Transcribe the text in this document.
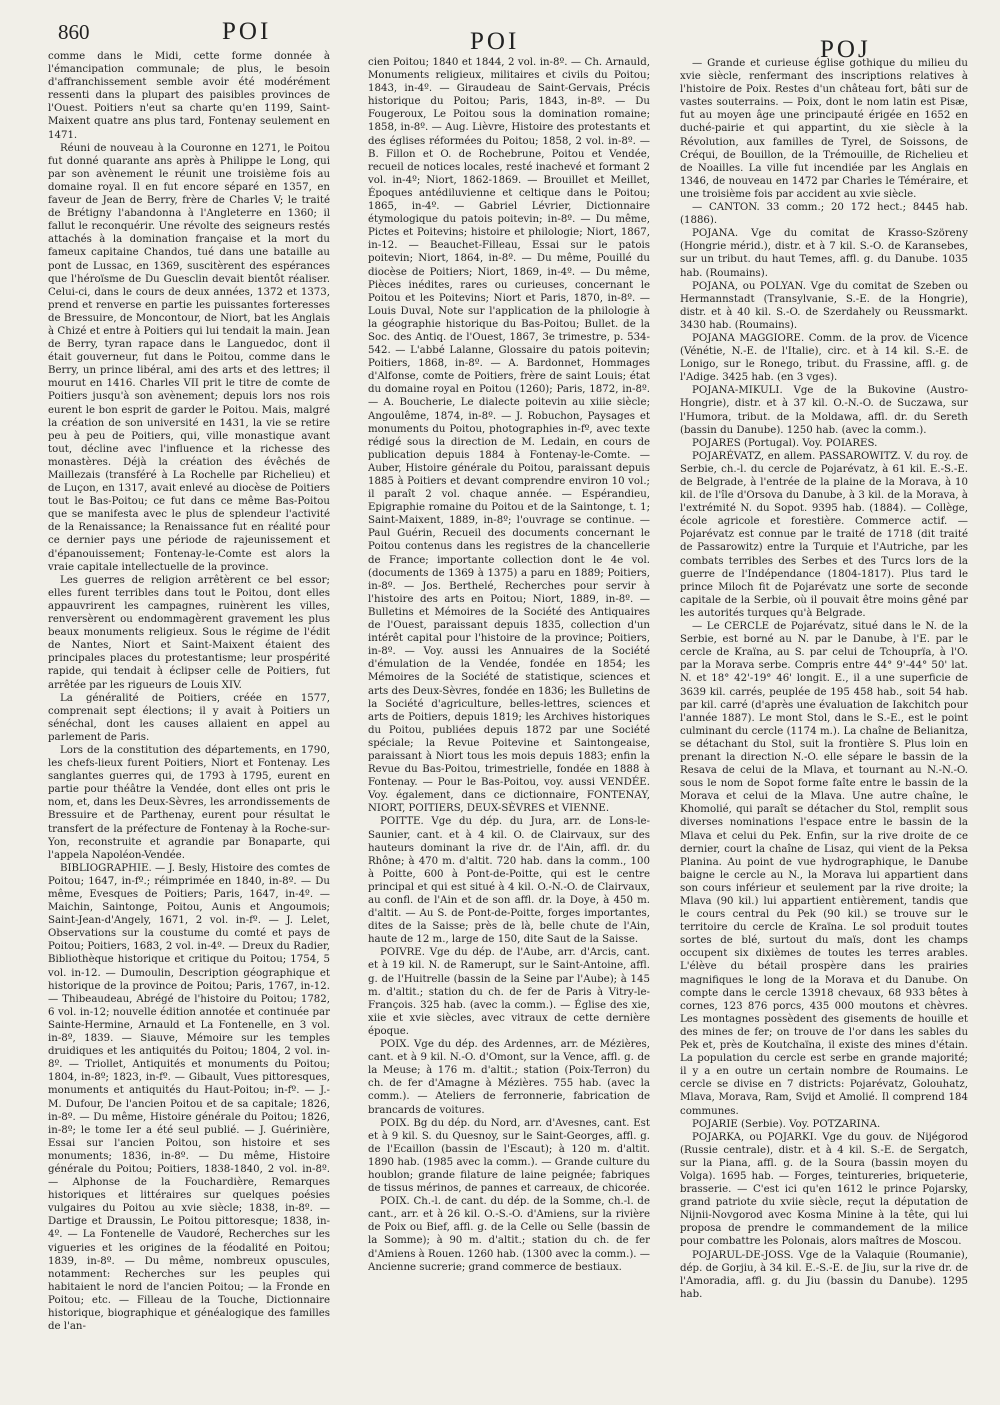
860	POI	POI	POJ

comme dans le Midi, cette forme donnée à l'émancipation communale; de plus, le besoin d'affranchissement semble avoir été modérément ressenti dans la plupart des paisibles provinces de l'Ouest. Poitiers n'eut sa charte qu'en 1199, Saint-Maixent quatre ans plus tard, Fontenay seulement en 1471.

Réuni de nouveau à la Couronne en 1271, le Poitou fut donné quarante ans après à Philippe le Long, qui par son avènement le réunit une troisième fois au domaine royal. Il en fut encore séparé en 1357, en faveur de Jean de Berry, frère de Charles V; le traité de Brétigny l'abandonna à l'Angleterre en 1360; il fallut le reconquérir. Une révolte des seigneurs restés attachés à la domination française et la mort du fameux capitaine Chandos, tué dans une bataille au pont de Lussac, en 1369, suscitèrent des espérances que l'héroïsme de Du Guesclin devait bientôt réaliser. Celui-ci, dans le cours de deux années, 1372 et 1373, prend et renverse en partie les puissantes forteresses de Bressuire, de Moncontour, de Niort, bat les Anglais à Chizé et entre à Poitiers qui lui tendait la main. Jean de Berry, tyran rapace dans le Languedoc, dont il était gouverneur, fut dans le Poitou, comme dans le Berry, un prince libéral, ami des arts et des lettres; il mourut en 1416. Charles VII prit le titre de comte de Poitiers jusqu'à son avènement; depuis lors nos rois eurent le bon esprit de garder le Poitou. Mais, malgré la création de son université en 1431, la vie se retire peu à peu de Poitiers, qui, ville monastique avant tout, décline avec l'influence et la richesse des monastères. Déjà la création des évêchés de Maillezais (transféré à La Rochelle par Richelieu) et de Luçon, en 1317, avait enlevé au diocèse de Poitiers tout le Bas-Poitou; ce fut dans ce même Bas-Poitou que se manifesta avec le plus de splendeur l'activité de la Renaissance; la Renaissance fut en réalité pour ce dernier pays une période de rajeunissement et d'épanouissement; Fontenay-le-Comte est alors la vraie capitale intellectuelle de la province.

Les guerres de religion arrêtèrent ce bel essor; elles furent terribles dans tout le Poitou, dont elles appauvrirent les campagnes, ruinèrent les villes, renversèrent ou endommagèrent gravement les plus beaux monuments religieux. Sous le régime de l'édit de Nantes, Niort et Saint-Maixent étaient des principales places du protestantisme; leur prospérité rapide, qui tendait à éclipser celle de Poitiers, fut arrêtée par les rigueurs de Louis XIV.

La généralité de Poitiers, créée en 1577, comprenait sept élections; il y avait à Poitiers un sénéchal, dont les causes allaient en appel au parlement de Paris.

Lors de la constitution des départements, en 1790, les chefs-lieux furent Poitiers, Niort et Fontenay. Les sanglantes guerres qui, de 1793 à 1795, eurent en partie pour théâtre la Vendée, dont elles ont pris le nom, et, dans les Deux-Sèvres, les arrondissements de Bressuire et de Parthenay, eurent pour résultat le transfert de la préfecture de Fontenay à la Roche-sur-Yon, reconstruite et agrandie par Bonaparte, qui l'appela Napoléon-Vendée.

BIBLIOGRAPHIE. — J. Besly, Histoire des comtes de Poitou; 1647, in-fº.; réimprimée en 1840, in-8º. — Du même, Evesques de Poitiers; Paris, 1647, in-4º. — Maichin, Saintonge, Poitou, Aunis et Angoumois; Saint-Jean-d'Angely, 1671, 2 vol. in-fº. — J. Lelet, Observations sur la coustume du comté et pays de Poitou; Poitiers, 1683, 2 vol. in-4º. — Dreux du Radier, Bibliothèque historique et critique du Poitou; 1754, 5 vol. in-12. — Dumoulin, Description géographique et historique de la province de Poitou; Paris, 1767, in-12. — Thibeaudeau, Abrégé de l'histoire du Poitou; 1782, 6 vol. in-12; nouvelle édition annotée et continuée par Sainte-Hermine, Arnauld et La Fontenelle, en 3 vol. in-8º, 1839. — Siauve, Mémoire sur les temples druidiques et les antiquités du Poitou; 1804, 2 vol. in-8º. — Triollet, Antiquités et monuments du Poitou; 1804, in-8º; 1823, in-fº. — Gibault, Vues pittoresques, monuments et antiquités du Haut-Poitou; in-fº. — J.-M. Dufour, De l'ancien Poitou et de sa capitale; 1826, in-8º. — Du même, Histoire générale du Poitou; 1826, in-8º; le tome Ier a été seul publié. — J. Guérinière, Essai sur l'ancien Poitou, son histoire et ses monuments; 1836, in-8º. — Du même, Histoire générale du Poitou; Poitiers, 1838-1840, 2 vol. in-8º. — Alphonse de la Fouchardière, Remarques historiques et littéraires sur quelques poésies vulgaires du Poitou au xvie siècle; 1838, in-8º. — Dartige et Draussin, Le Poitou pittoresque; 1838, in-4º. — La Fontenelle de Vaudoré, Recherches sur les vigueries et les origines de la féodalité en Poitou; 1839, in-8º. — Du même, nombreux opuscules, notamment: Recherches sur les peuples qui habitaient le nord de l'ancien Poitou; — la Fronde en Poitou; etc. — Filleau de la Touche, Dictionnaire historique, biographique et généalogique des familles de l'an-

cien Poitou; 1840 et 1844, 2 vol. in-8º. — Ch. Arnauld, Monuments religieux, militaires et civils du Poitou; 1843, in-4º. — Giraudeau de Saint-Gervais, Précis historique du Poitou; Paris, 1843, in-8º. — Du Fougeroux, Le Poitou sous la domination romaine; 1858, in-8º. — Aug. Lièvre, Histoire des protestants et des églises réformées du Poitou; 1858, 2 vol. in-8º. — B. Fillon et O. de Rochebrune, Poitou et Vendée, recueil de notices locales, resté inachevé et formant 2 vol. in-4º; Niort, 1862-1869. — Brouillet et Meillet, Époques antédiluvienne et celtique dans le Poitou; 1865, in-4º. — Gabriel Lévrier, Dictionnaire étymologique du patois poitevin; in-8º. — Du même, Pictes et Poitevins; histoire et philologie; Niort, 1867, in-12. — Beauchet-Filleau, Essai sur le patois poitevin; Niort, 1864, in-8º. — Du même, Pouillé du diocèse de Poitiers; Niort, 1869, in-4º. — Du même, Pièces inédites, rares ou curieuses, concernant le Poitou et les Poitevins; Niort et Paris, 1870, in-8º. — Louis Duval, Note sur l'application de la philologie à la géographie historique du Bas-Poitou; Bullet. de la Soc. des Antiq. de l'Ouest, 1867, 3e trimestre, p. 534-542. — L'abbé Lalanne, Glossaire du patois poitevin; Poitiers, 1868, in-8º. — A. Bardonnet, Hommages d'Alfonse, comte de Poitiers, frère de saint Louis; état du domaine royal en Poitou (1260); Paris, 1872, in-8º. — A. Boucherie, Le dialecte poitevin au xiiie siècle; Angoulême, 1874, in-8º. — J. Robuchon, Paysages et monuments du Poitou, photographies in-fº, avec texte rédigé sous la direction de M. Ledain, en cours de publication depuis 1884 à Fontenay-le-Comte. — Auber, Histoire générale du Poitou, paraissant depuis 1885 à Poitiers et devant comprendre environ 10 vol.; il paraît 2 vol. chaque année. — Espérandieu, Epigraphie romaine du Poitou et de la Saintonge, t. 1; Saint-Maixent, 1889, in-8º; l'ouvrage se continue. — Paul Guérin, Recueil des documents concernant le Poitou contenus dans les registres de la chancellerie de France; importante collection dont le 4e vol. (documents de 1369 à 1375) a paru en 1889; Poitiers, in-8º. — Jos. Berthelé, Recherches pour servir à l'histoire des arts en Poitou; Niort, 1889, in-8º. — Bulletins et Mémoires de la Société des Antiquaires de l'Ouest, paraissant depuis 1835, collection d'un intérêt capital pour l'histoire de la province; Poitiers, in-8º. — Voy. aussi les Annuaires de la Société d'émulation de la Vendée, fondée en 1854; les Mémoires de la Société de statistique, sciences et arts des Deux-Sèvres, fondée en 1836; les Bulletins de la Société d'agriculture, belles-lettres, sciences et arts de Poitiers, depuis 1819; les Archives historiques du Poitou, publiées depuis 1872 par une Société spéciale; la Revue Poitevine et Saintongeaise, paraissant à Niort tous les mois depuis 1883; enfin la Revue du Bas-Poitou, trimestrielle, fondée en 1888 à Fontenay. — Pour le Bas-Poitou, voy. aussi VENDÉE. Voy. également, dans ce dictionnaire, FONTENAY, NIORT, POITIERS, DEUX-SÈVRES et VIENNE.

POITTE. Vge du dép. du Jura, arr. de Lons-le-Saunier, cant. et à 4 kil. O. de Clairvaux, sur des hauteurs dominant la rive dr. de l'Ain, affl. dr. du Rhône; à 470 m. d'altit. 720 hab. dans la comm., 100 à Poitte, 600 à Pont-de-Poitte, qui est le centre principal et qui est situé à 4 kil. O.-N.-O. de Clairvaux, au confl. de l'Ain et de son affl. dr. la Doye, à 450 m. d'altit. — Au S. de Pont-de-Poitte, forges importantes, dites de la Saisse; près de là, belle chute de l'Ain, haute de 12 m., large de 150, dite Saut de la Saisse.

POIVRE. Vge du dép. de l'Aube, arr. d'Arcis, cant. et à 19 kil. N. de Ramerupt, sur le Saint-Antoine, affl. g. de l'Huitrelle (bassin de la Seine par l'Aube); à 145 m. d'altit.; station du ch. de fer de Paris à Vitry-le-François. 325 hab. (avec la comm.). — Église des xie, xiie et xvie siècles, avec vitraux de cette dernière époque.

POIX. Vge du dép. des Ardennes, arr. de Mézières, cant. et à 9 kil. N.-O. d'Omont, sur la Vence, affl. g. de la Meuse; à 176 m. d'altit.; station (Poix-Terron) du ch. de fer d'Amagne à Mézières. 755 hab. (avec la comm.). — Ateliers de ferronnerie, fabrication de brancards de voitures.

POIX. Bg du dép. du Nord, arr. d'Avesnes, cant. Est et à 9 kil. S. du Quesnoy, sur le Saint-Georges, affl. g. de l'Ecaillon (bassin de l'Escaut); à 120 m. d'altit. 1890 hab. (1985 avec la comm.). — Grande culture du houblon; grande filature de laine peignée; fabriques de tissus mérinos, de pannes et carreaux, de chicorée.

POIX. Ch.-l. de cant. du dép. de la Somme, ch.-l. de cant., arr. et à 26 kil. O.-S.-O. d'Amiens, sur la rivière de Poix ou Bief, affl. g. de la Celle ou Selle (bassin de la Somme); à 90 m. d'altit.; station du ch. de fer d'Amiens à Rouen. 1260 hab. (1300 avec la comm.). — Ancienne sucrerie; grand commerce de bestiaux.

— Grande et curieuse église gothique du milieu du xvie siècle, renfermant des inscriptions relatives à l'histoire de Poix. Restes d'un château fort, bâti sur de vastes souterrains. — Poix, dont le nom latin est Pisæ, fut au moyen âge une principauté érigée en 1652 en duché-pairie et qui appartint, du xie siècle à la Révolution, aux familles de Tyrel, de Soissons, de Créqui, de Bouillon, de la Trémouille, de Richelieu et de Noailles. La ville fut incendiée par les Anglais en 1346, de nouveau en 1472 par Charles le Téméraire, et une troisième fois par accident au xvie siècle.

— CANTON. 33 comm.; 20 172 hect.; 8445 hab. (1886).

POJANA. Vge du comitat de Krasso-Szöreny (Hongrie mérid.), distr. et à 7 kil. S.-O. de Karansebes, sur un tribut. du haut Temes, affl. g. du Danube. 1035 hab. (Roumains).

POJANA, ou POLYAN. Vge du comitat de Szeben ou Hermannstadt (Transylvanie, S.-E. de la Hongrie), distr. et à 40 kil. S.-O. de Szerdahely ou Reussmarkt. 3430 hab. (Roumains).

POJANA MAGGIORE. Comm. de la prov. de Vicence (Vénétie, N.-E. de l'Italie), circ. et à 14 kil. S.-E. de Lonigo, sur le Ronego, tribut. du Frassine, affl. g. de l'Adige. 3425 hab. (en 3 vges).

POJANA-MIKULI. Vge de la Bukovine (Austro-Hongrie), distr. et à 37 kil. O.-N.-O. de Suczawa, sur l'Humora, tribut. de la Moldawa, affl. dr. du Sereth (bassin du Danube). 1250 hab. (avec la comm.).

POJARES (Portugal). Voy. POIARES.

POJARÉVATZ, en allem. PASSAROWITZ. V. du roy. de Serbie, ch.-l. du cercle de Pojarévatz, à 61 kil. E.-S.-E. de Belgrade, à l'entrée de la plaine de la Morava, à 10 kil. de l'île d'Orsova du Danube, à 3 kil. de la Morava, à l'extrémité N. du Sopot. 9395 hab. (1884). — Collège, école agricole et forestière. Commerce actif. — Pojarévatz est connue par le traité de 1718 (dit traité de Passarowitz) entre la Turquie et l'Autriche, par les combats terribles des Serbes et des Turcs lors de la guerre de l'Indépendance (1804-1817). Plus tard le prince Miloch fit de Pojarévatz une sorte de seconde capitale de la Serbie, où il pouvait être moins gêné par les autorités turques qu'à Belgrade.

— Le CERCLE de Pojarévatz, situé dans le N. de la Serbie, est borné au N. par le Danube, à l'E. par le cercle de Kraïna, au S. par celui de Tchouprïa, à l'O. par la Morava serbe. Compris entre 44° 9'-44° 50' lat. N. et 18° 42'-19° 46' longit. E., il a une superficie de 3639 kil. carrés, peuplée de 195 458 hab., soit 54 hab. par kil. carré (d'après une évaluation de Iakchitch pour l'année 1887). Le mont Stol, dans le S.-E., est le point culminant du cercle (1174 m.). La chaîne de Belianitza, se détachant du Stol, suit la frontière S. Plus loin en prenant la direction N.-O. elle sépare le bassin de la Resava de celui de la Mlava, et tournant au N.-N.-O. sous le nom de Sopot forme faîte entre le bassin de la Morava et celui de la Mlava. Une autre chaîne, le Khomolié, qui paraît se détacher du Stol, remplit sous diverses nominations l'espace entre le bassin de la Mlava et celui du Pek. Enfin, sur la rive droite de ce dernier, court la chaîne de Lisaz, qui vient de la Peksa Planina. Au point de vue hydrographique, le Danube baigne le cercle au N., la Morava lui appartient dans son cours inférieur et seulement par la rive droite; la Mlava (90 kil.) lui appartient entièrement, tandis que le cours central du Pek (90 kil.) se trouve sur le territoire du cercle de Kraïna. Le sol produit toutes sortes de blé, surtout du maïs, dont les champs occupent six dixièmes de toutes les terres arables. L'élève du bétail prospère dans les prairies magnifiques le long de la Morava et du Danube. On compte dans le cercle 13918 chevaux, 68 933 bêtes à cornes, 123 876 porcs, 435 000 moutons et chèvres. Les montagnes possèdent des gisements de houille et des mines de fer; on trouve de l'or dans les sables du Pek et, près de Koutchaïna, il existe des mines d'étain. La population du cercle est serbe en grande majorité; il y a en outre un certain nombre de Roumains. Le cercle se divise en 7 districts: Pojarévatz, Golouhatz, Mlava, Morava, Ram, Svijd et Amolié. Il comprend 184 communes.

POJARIE (Serbie). Voy. POTZARINA.

POJARKA, ou POJARKI. Vge du gouv. de Nijégorod (Russie centrale), distr. et à 4 kil. S.-E. de Sergatch, sur la Piana, affl. g. de la Soura (bassin moyen du Volga). 1695 hab. — Forges, teintureries, briqueterie, brasserie. — C'est ici qu'en 1612 le prince Pojarsky, grand patriote du xviie siècle, reçut la députation de Nijnii-Novgorod avec Kosma Minine à la tête, qui lui proposa de prendre le commandement de la milice pour combattre les Polonais, alors maîtres de Moscou.

POJARUL-DE-JOSS. Vge de la Valaquie (Roumanie), dép. de Gorjiu, à 34 kil. E.-S.-E. de Jiu, sur la rive dr. de l'Amoradia, affl. g. du Jiu (bassin du Danube). 1295 hab.
